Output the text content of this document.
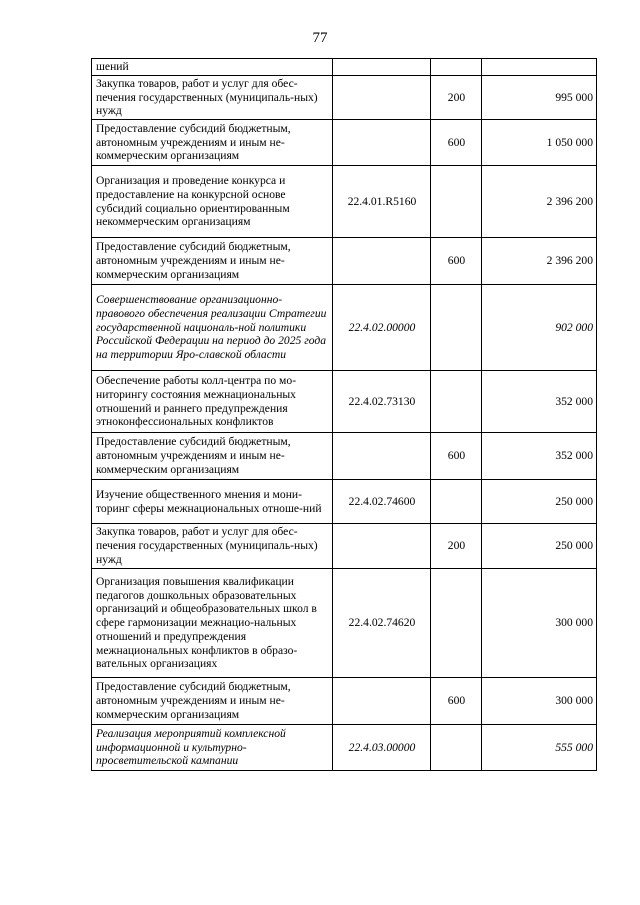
77
шений			
Закупка товаров, работ и услуг для обес-печения государственных (муниципаль-ных) нужд		200	995 000
Предоставление субсидий бюджетным, автономным учреждениям и иным не-коммерческим организациям		600	1 050 000
Организация и проведение конкурса и предоставление на конкурсной основе субсидий социально ориентированным некоммерческим организациям	22.4.01.R5160		2 396 200
Предоставление субсидий бюджетным, автономным учреждениям и иным не-коммерческим организациям		600	2 396 200
Совершенствование организационно-правового обеспечения реализации Стратегии государственной националь-ной политики Российской Федерации на период до 2025 года на территории Яро-славской области	22.4.02.00000		902 000
Обеспечение работы колл-центра по мо-ниторингу состояния межнациональных отношений и раннего предупреждения этноконфессиональных конфликтов	22.4.02.73130		352 000
Предоставление субсидий бюджетным, автономным учреждениям и иным не-коммерческим организациям		600	352 000
Изучение общественного мнения и мони-торинг сферы межнациональных отноше-ний	22.4.02.74600		250 000
Закупка товаров, работ и услуг для обес-печения государственных (муниципаль-ных) нужд		200	250 000
Организация повышения квалификации педагогов дошкольных образовательных организаций и общеобразовательных школ в сфере гармонизации межнацио-нальных отношений и предупреждения межнациональных конфликтов в образо-вательных организациях	22.4.02.74620		300 000
Предоставление субсидий бюджетным, автономным учреждениям и иным не-коммерческим организациям		600	300 000
Реализация мероприятий комплексной информационной и культурно-просветительской кампании	22.4.03.00000		555 000
